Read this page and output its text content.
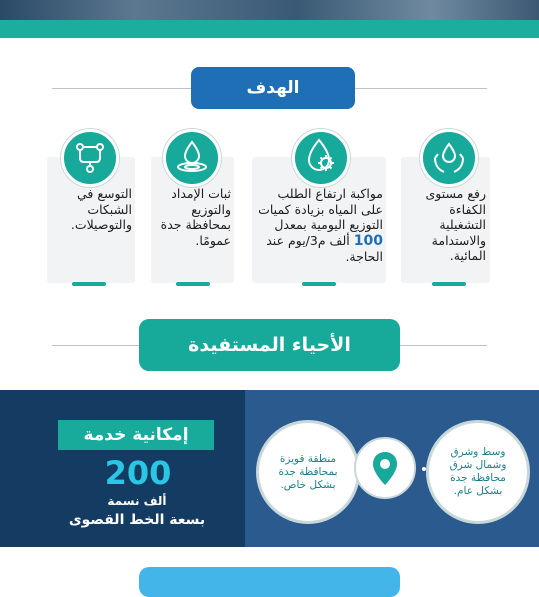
الهدف
التوسع في الشبكات والتوصيلات.
ثبات الإمداد والتوزيع بمحافظة جدة عمومًا.
مواكبة ارتفاع الطلب على المياه بزيادة كميات التوزيع اليومية بمعدل 100 ألف م3/يوم عند الحاجة.
رفع مستوى الكفاءة التشغيلية والاستدامة المائية.
الأحياء المستفيدة
إمكانية خدمة
200
ألف نسمة
بسعة الخط القصوى
منطقة قويزة بمحافظة جدة بشكل خاص.
وسط وشرق وشمال شرق محافظة جدة بشكل عام.
